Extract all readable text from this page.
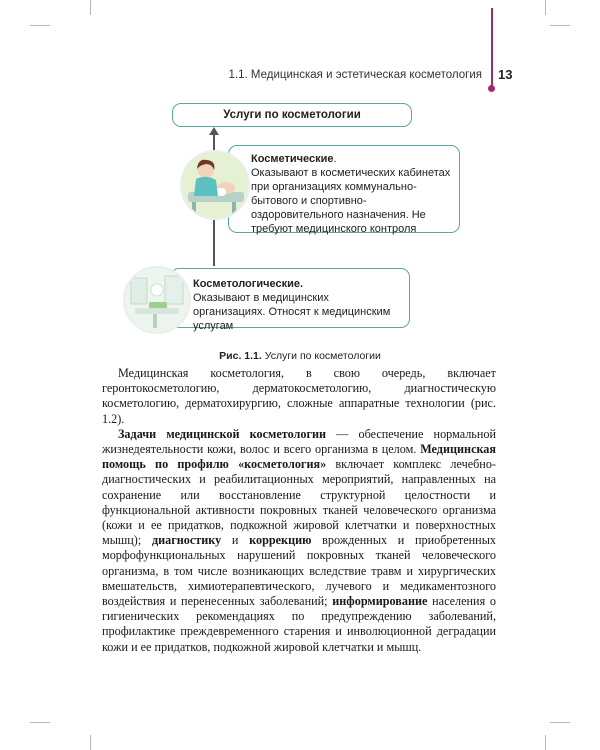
1.1. Медицинская и эстетическая косметология 13
Услуги по косметологии
Косметические.
Оказывают в косметических кабинетах при организациях коммунально-бытового и спортивно-оздоровительного назначения. Не требуют медицинского контроля
Косметологические.
Оказывают в медицинских организациях. Относят к медицинским услугам
Рис. 1.1. Услуги по косметологии

Медицинская косметология, в свою очередь, включает геронтокосметологию, дерматокосметологию, диагностическую косметологию, дерматохирургию, сложные аппаратные технологии (рис. 1.2).

Задачи медицинской косметологии — обеспечение нормальной жизнедеятельности кожи, волос и всего организма в целом. Медицинская помощь по профилю «косметология» включает комплекс лечебно-диагностических и реабилитационных мероприятий, направленных на сохранение или восстановление структурной целостности и функциональной активности покровных тканей человеческого организма (кожи и ее придатков, подкожной жировой клетчатки и поверхностных мышц); диагностику и коррекцию врожденных и приобретенных морфофункциональных нарушений покровных тканей человеческого организма, в том числе возникающих вследствие травм и хирургических вмешательств, химиотерапевтического, лучевого и медикаментозного воздействия и перенесенных заболеваний; информирование населения о гигиенических рекомендациях по предупреждению заболеваний, профилактике преждевременного старения и инволюционной деградации кожи и ее придатков, подкожной жировой клетчатки и мышц.
